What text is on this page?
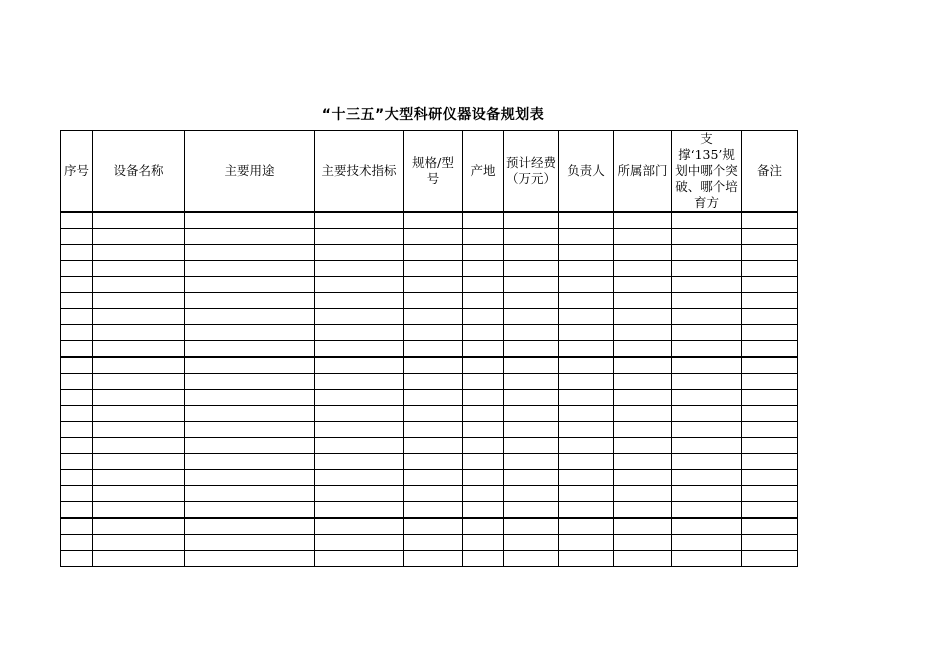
“十三五”大型科研仪器设备规划表
序号	设备名称	主要用途	主要技术指标	规格/型号	产地	预计经费（万元）	负责人	所属部门	支撑‘135’规划中哪个突破、哪个培育方	备注
